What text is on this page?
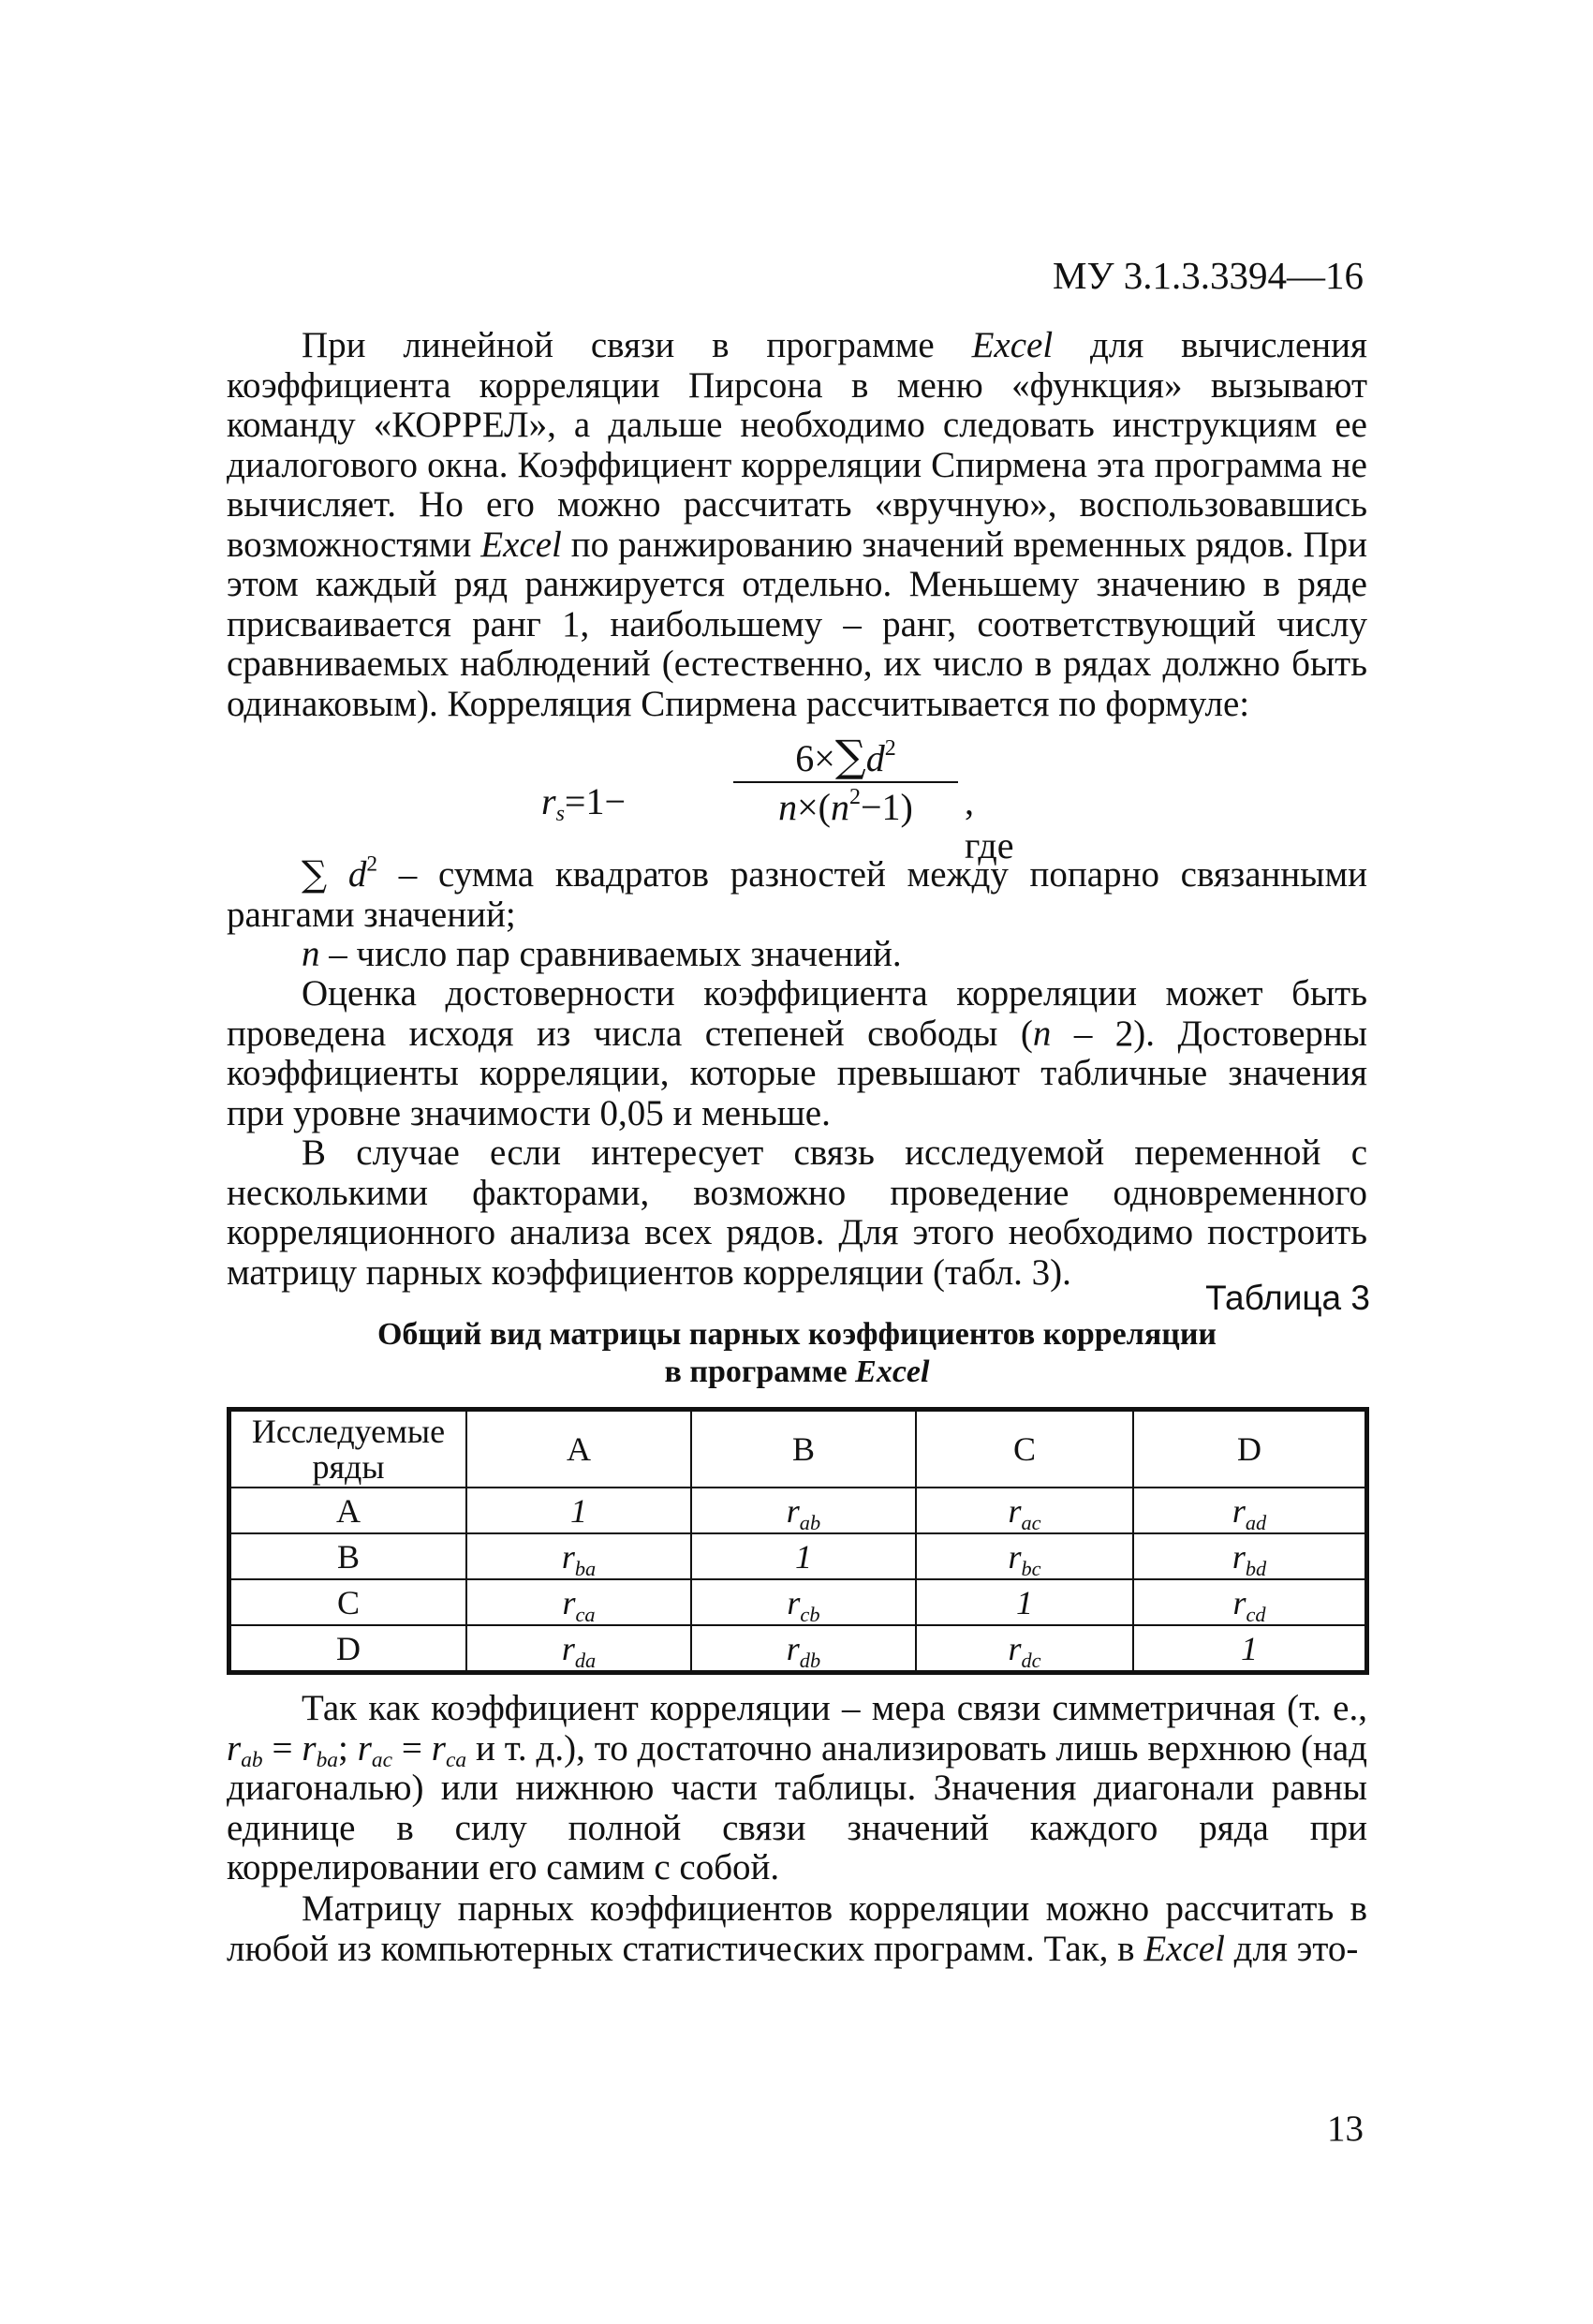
МУ 3.1.3.3394—16

При линейной связи в программе Excel для вычисления коэффициента корреляции Пирсона в меню «функция» вызывают команду «КОРРЕЛ», а дальше необходимо следовать инструкциям ее диалогового окна. Коэффициент корреляции Спирмена эта программа не вычисляет. Но его можно рассчитать «вручную», воспользовавшись возможностями Excel по ранжированию значений временных рядов. При этом каждый ряд ранжируется отдельно. Меньшему значению в ряде присваивается ранг 1, наибольшему – ранг, соответствующий числу сравниваемых наблюдений (естественно, их число в рядах должно быть одинаковым). Корреляция Спирмена рассчитывается по формуле:

$r_s=1-$
$6\times\sum d^2$
$n\times(n^2-1)$	, где

∑ $d^2$ – сумма квадратов разностей между попарно связанными рангами значений;

n – число пар сравниваемых значений.

Оценка достоверности коэффициента корреляции может быть проведена исходя из числа степеней свободы (n – 2). Достоверны коэффициенты корреляции, которые превышают табличные значения при уровне значимости 0,05 и меньше.

В случае если интересует связь исследуемой переменной с несколькими факторами, возможно проведение одновременного корреляционного анализа всех рядов. Для этого необходимо построить матрицу парных коэффициентов корреляции (табл. 3).

Таблица 3
Общий вид матрицы парных коэффициентов корреляции
в программе Excel
Исследуемые ряды	A	B	C	D
A	1	$r_{ab}$	$r_{ac}$	$r_{ad}$
B	$r_{ba}$	1	$r_{bc}$	$r_{bd}$
C	$r_{ca}$	$r_{cb}$	1	$r_{cd}$
D	$r_{da}$	$r_{db}$	$r_{dc}$	1

Так как коэффициент корреляции – мера связи симметричная (т. е., $r_{ab} = r_{ba}$; $r_{ac} = r_{ca}$ и т. д.), то достаточно анализировать лишь верхнюю (над диагональю) или нижнюю части таблицы. Значения диагонали равны единице в силу полной связи значений каждого ряда при коррелировании его самим с собой.

Матрицу парных коэффициентов корреляции можно рассчитать в любой из компьютерных статистических программ. Так, в Excel для это-

13
